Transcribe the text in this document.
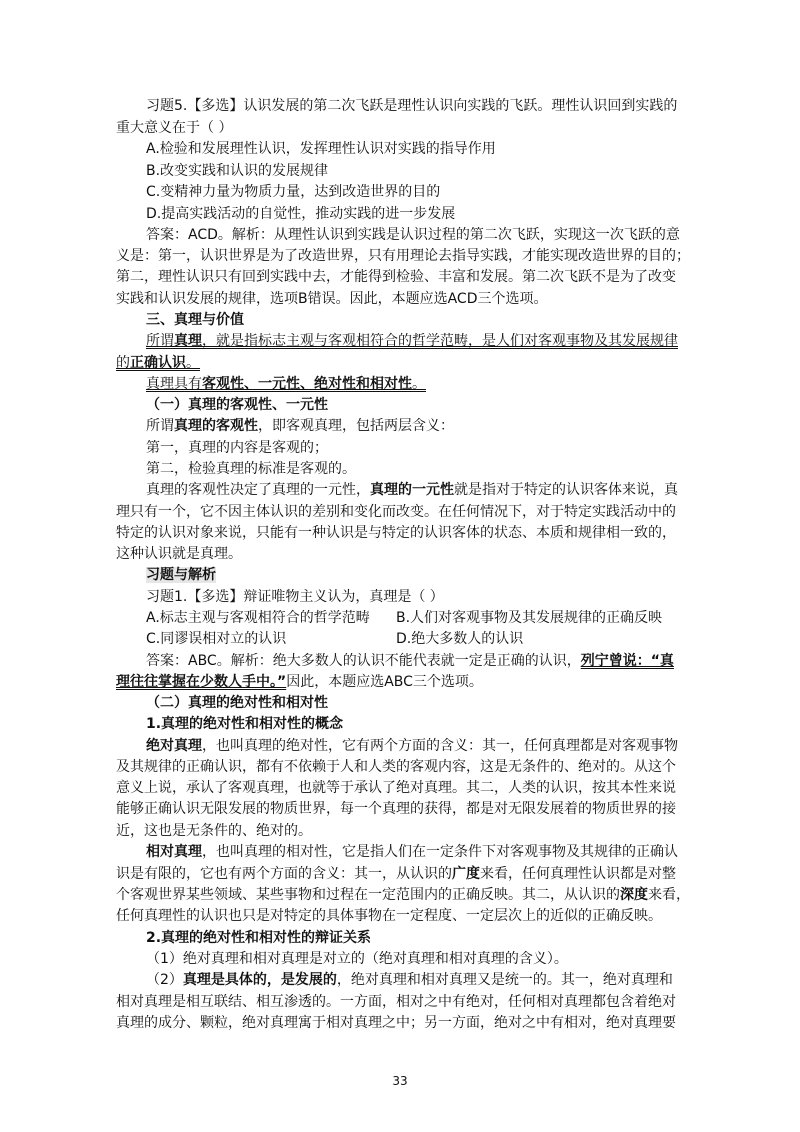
习题5.【多选】认识发展的第二次飞跃是理性认识向实践的飞跃。理性认识回到实践的
重大意义在于（ ）
A.检验和发展理性认识，发挥理性认识对实践的指导作用
B.改变实践和认识的发展规律
C.变精神力量为物质力量，达到改造世界的目的
D.提高实践活动的自觉性，推动实践的进一步发展
答案：ACD。解析：从理性认识到实践是认识过程的第二次飞跃，实现这一次飞跃的意
义是：第一，认识世界是为了改造世界，只有用理论去指导实践，才能实现改造世界的目的；
第二，理性认识只有回到实践中去，才能得到检验、丰富和发展。第二次飞跃不是为了改变
实践和认识发展的规律，选项B错误。因此，本题应选ACD三个选项。
三、真理与价值
所谓真理，就是指标志主观与客观相符合的哲学范畴，是人们对客观事物及其发展规律
的正确认识。
真理具有客观性、一元性、绝对性和相对性。
（一）真理的客观性、一元性
所谓真理的客观性，即客观真理，包括两层含义：
第一，真理的内容是客观的；
第二，检验真理的标准是客观的。
真理的客观性决定了真理的一元性，真理的一元性就是指对于特定的认识客体来说，真
理只有一个，它不因主体认识的差别和变化而改变。在任何情况下，对于特定实践活动中的
特定的认识对象来说，只能有一种认识是与特定的认识客体的状态、本质和规律相一致的，
这种认识就是真理。
习题与解析
习题1.【多选】辩证唯物主义认为，真理是（ ）
A.标志主观与客观相符合的哲学范畴 B.人们对客观事物及其发展规律的正确反映
C.同谬误相对立的认识	D.绝大多数人的认识
答案：ABC。解析：绝大多数人的认识不能代表就一定是正确的认识，列宁曾说：“真
理往往掌握在少数人手中。”因此，本题应选ABC三个选项。
（二）真理的绝对性和相对性
1.真理的绝对性和相对性的概念
绝对真理，也叫真理的绝对性，它有两个方面的含义：其一，任何真理都是对客观事物
及其规律的正确认识，都有不依赖于人和人类的客观内容，这是无条件的、绝对的。从这个
意义上说，承认了客观真理，也就等于承认了绝对真理。其二，人类的认识，按其本性来说
能够正确认识无限发展的物质世界，每一个真理的获得，都是对无限发展着的物质世界的接
近，这也是无条件的、绝对的。
相对真理，也叫真理的相对性，它是指人们在一定条件下对客观事物及其规律的正确认
识是有限的，它也有两个方面的含义：其一，从认识的广度来看，任何真理性认识都是对整
个客观世界某些领域、某些事物和过程在一定范围内的正确反映。其二，从认识的深度来看，
任何真理性的认识也只是对特定的具体事物在一定程度、一定层次上的近似的正确反映。
2.真理的绝对性和相对性的辩证关系
（1）绝对真理和相对真理是对立的（绝对真理和相对真理的含义）。
（2）真理是具体的，是发展的，绝对真理和相对真理又是统一的。其一，绝对真理和
相对真理是相互联结、相互渗透的。一方面，相对之中有绝对，任何相对真理都包含着绝对
真理的成分、颗粒，绝对真理寓于相对真理之中；另一方面，绝对之中有相对，绝对真理要
33
